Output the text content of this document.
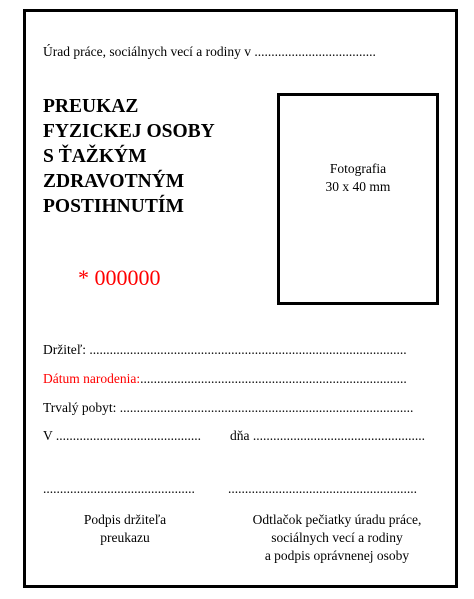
Úrad práce, sociálnych vecí a rodiny v ....................................
PREUKAZ
FYZICKEJ OSOBY
S ŤAŽKÝM
ZDRAVOTNÝM
POSTIHNUTÍM
Fotografia
30 x 40 mm
* 000000
Držiteľ: ..............................................................................................
Dátum narodenia:...............................................................................
Trvalý pobyt: .......................................................................................
V ........................................... dňa ...................................................
............................................. ........................................................
Podpis držiteľa
preukazu
Odtlačok pečiatky úradu práce,
sociálnych vecí a rodiny
a podpis oprávnenej osoby
